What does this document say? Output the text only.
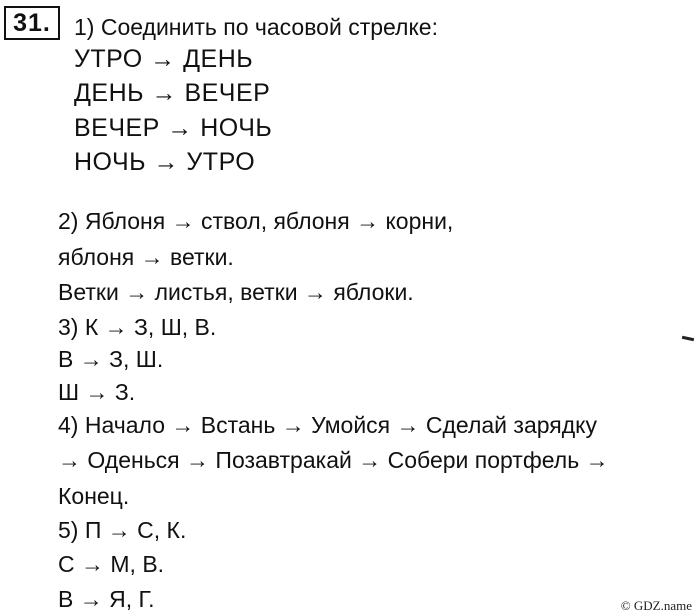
31. 1) Соединить по часовой стрелке:
УТРО → ДЕНЬ
ДЕНЬ → ВЕЧЕР
ВЕЧЕР → НОЧЬ
НОЧЬ → УТРО
2) Яблоня → ствол, яблоня → корни,
яблоня → ветки.
Ветки → листья, ветки → яблоки.
3) К → З, Ш, В.
В → З, Ш.
Ш → З.
4) Начало → Встань → Умойся → Сделай зарядку
→ Оденься → Позавтракай → Собери портфель →
Конец.
5) П → С, К.
С → М, В.
В → Я, Г.	© GDZ.name
